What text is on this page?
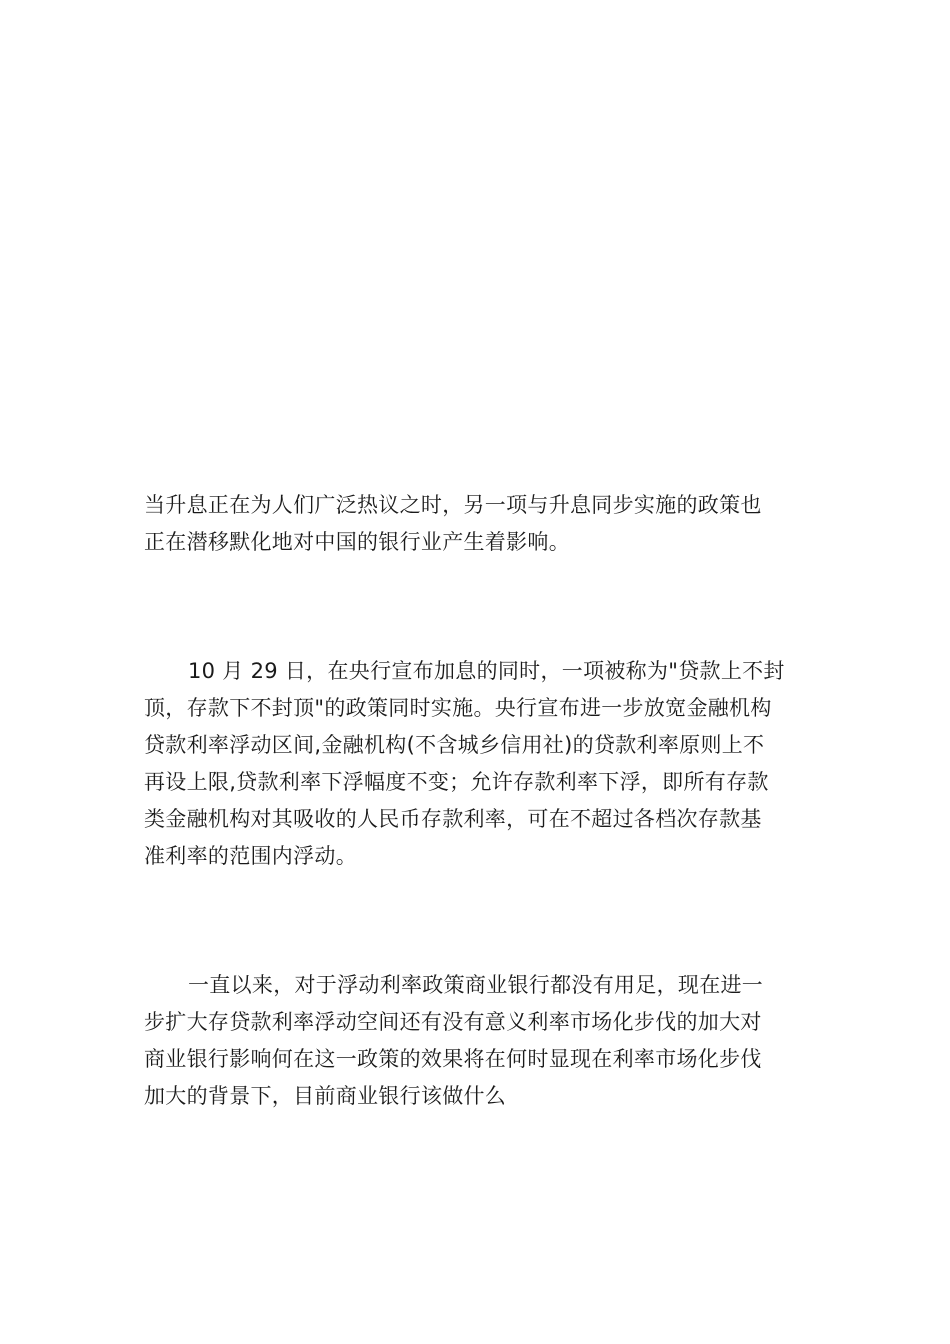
当升息正在为人们广泛热议之时，另一项与升息同步实施的政策也
正在潜移默化地对中国的银行业产生着影响。
10 月 29 日，在央行宣布加息的同时，一项被称为"贷款上不封
顶，存款下不封顶"的政策同时实施。央行宣布进一步放宽金融机构
贷款利率浮动区间,金融机构(不含城乡信用社)的贷款利率原则上不
再设上限,贷款利率下浮幅度不变；允许存款利率下浮，即所有存款
类金融机构对其吸收的人民币存款利率，可在不超过各档次存款基
准利率的范围内浮动。
一直以来，对于浮动利率政策商业银行都没有用足，现在进一
步扩大存贷款利率浮动空间还有没有意义利率市场化步伐的加大对
商业银行影响何在这一政策的效果将在何时显现在利率市场化步伐
加大的背景下，目前商业银行该做什么
